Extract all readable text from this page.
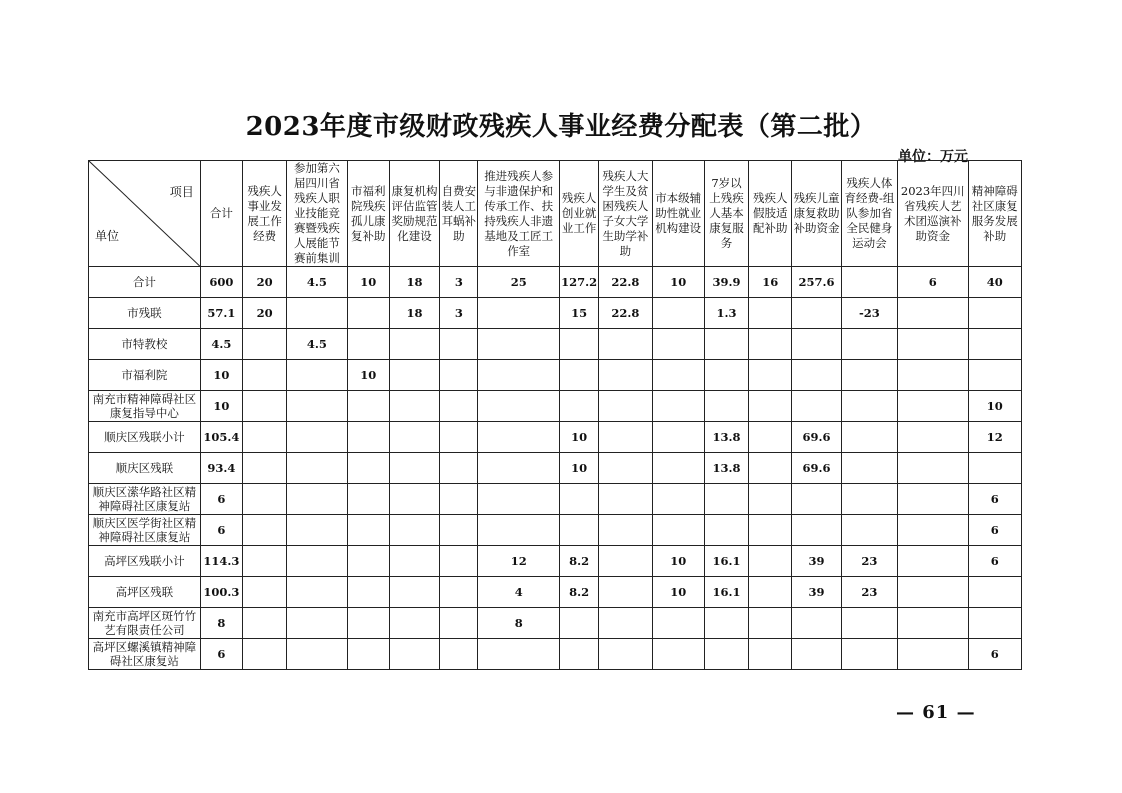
2023年度市级财政残疾人事业经费分配表（第二批）
单位：万元
项目
单位	合计	残疾人事业发展工作经费	参加第六届四川省残疾人职业技能竞赛暨残疾人展能节赛前集训	市福利院残疾孤儿康复补助	康复机构评估监管奖励规范化建设	自费安装人工耳蜗补助	推进残疾人参与非遗保护和传承工作、扶持残疾人非遗基地及工匠工作室	残疾人创业就业工作	残疾人大学生及贫困残疾人子女大学生助学补助	市本级辅助性就业机构建设	7岁以上残疾人基本康复服务	残疾人假肢适配补助	残疾儿童康复救助补助资金	残疾人体育经费-组队参加省全民健身运动会	2023年四川省残疾人艺术团巡演补助资金	精神障碍社区康复服务发展补助
合计	600	20	4.5	10	18	3	25	127.2	22.8	10	39.9	16	257.6		6	40
市残联	57.1	20			18	3		15	22.8		1.3			-23		
市特教校	4.5		4.5													
市福利院	10			10												
南充市精神障碍社区康复指导中心	10															10
顺庆区残联小计	105.4							10			13.8		69.6			12
顺庆区残联	93.4							10			13.8		69.6			
顺庆区潆华路社区精神障碍社区康复站	6															6
顺庆区医学街社区精神障碍社区康复站	6															6
高坪区残联小计	114.3						12	8.2		10	16.1		39	23		6
高坪区残联	100.3						4	8.2		10	16.1		39	23		
南充市高坪区斑竹竹艺有限责任公司	8						8									
高坪区螺溪镇精神障碍社区康复站	6															6
— 61 —
